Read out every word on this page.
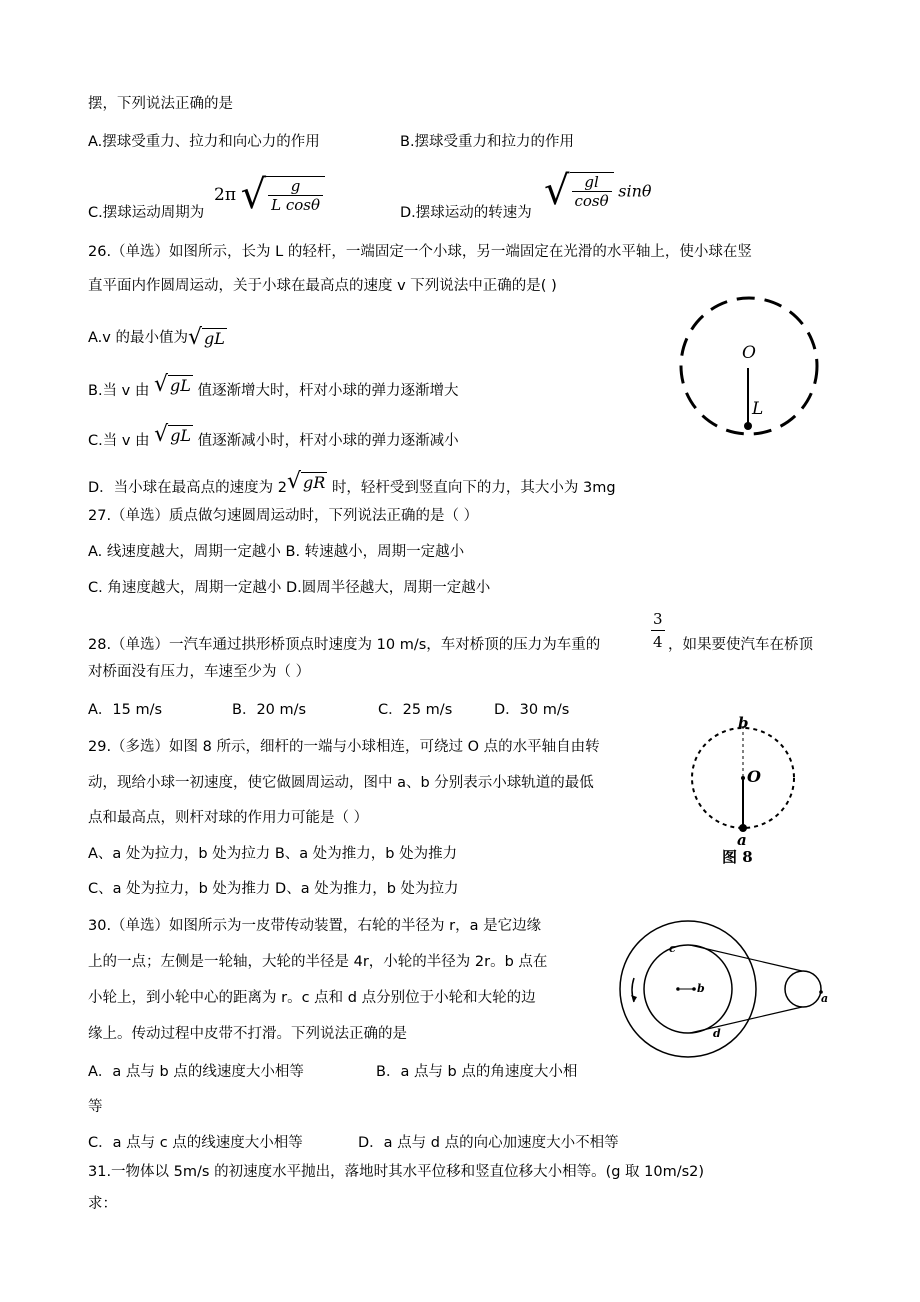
摆，下列说法正确的是
A.摆球受重力、拉力和向心力的作用	B.摆球受重力和拉力的作用
C.摆球运动周期为
2π √ $\frac{g}{\text{L cosθ}}$	D.摆球运动的转速为 √ $\frac{gl}{\cos\theta}$ sinθ
26.（单选）如图所示，长为 L 的轻杆，一端固定一个小球，另一端固定在光滑的水平轴上，使小球在竖
直平面内作圆周运动，关于小球在最高点的速度 v 下列说法中正确的是( )
A.v 的最小值为√ gL
B.当 v 由 √ gL 值逐渐增大时，杆对小球的弹力逐渐增大
C.当 v 由 √ gL 值逐渐减小时，杆对小球的弹力逐渐减小
D．当小球在最高点的速度为 2√ gR 时，轻杆受到竖直向下的力，其大小为 3mg
O
L
27.（单选）质点做匀速圆周运动时，下列说法正确的是（ ）
A. 线速度越大，周期一定越小 B. 转速越小，周期一定越小
C. 角速度越大，周期一定越小 D.圆周半径越大，周期一定越小
28.（单选）一汽车通过拱形桥顶点时速度为 10 m/s，车对桥顶的压力为车重的	$\frac{3}{4}$ ，如果要使汽车在桥顶
对桥面没有压力，车速至少为（ ）
A．15 m/s	B．20 m/s	C．25 m/s	D．30 m/s
29.（多选）如图 8 所示，细杆的一端与小球相连，可绕过 O 点的水平轴自由转
动，现给小球一初速度，使它做圆周运动，图中 a、b 分别表示小球轨道的最低
点和最高点，则杆对球的作用力可能是（ ）
A、a 处为拉力，b 处为拉力 B、a 处为推力，b 处为推力
C、a 处为拉力，b 处为推力 D、a 处为推力，b 处为拉力
b
O
a
图 8
30.（单选）如图所示为一皮带传动装置，右轮的半径为 r，a 是它边缘
上的一点；左侧是一轮轴，大轮的半径是 4r，小轮的半径为 2r。b 点在
小轮上，到小轮中心的距离为 r。c 点和 d 点分别位于小轮和大轮的边
缘上。传动过程中皮带不打滑。下列说法正确的是
A．a 点与 b 点的线速度大小相等	B．a 点与 b 点的角速度大小相
等
C．a 点与 c 点的线速度大小相等	D．a 点与 d 点的向心加速度大小不相等
c
b
a
d
31.一物体以 5m/s 的初速度水平抛出，落地时其水平位移和竖直位移大小相等。(g 取 10m/s2)
求：
